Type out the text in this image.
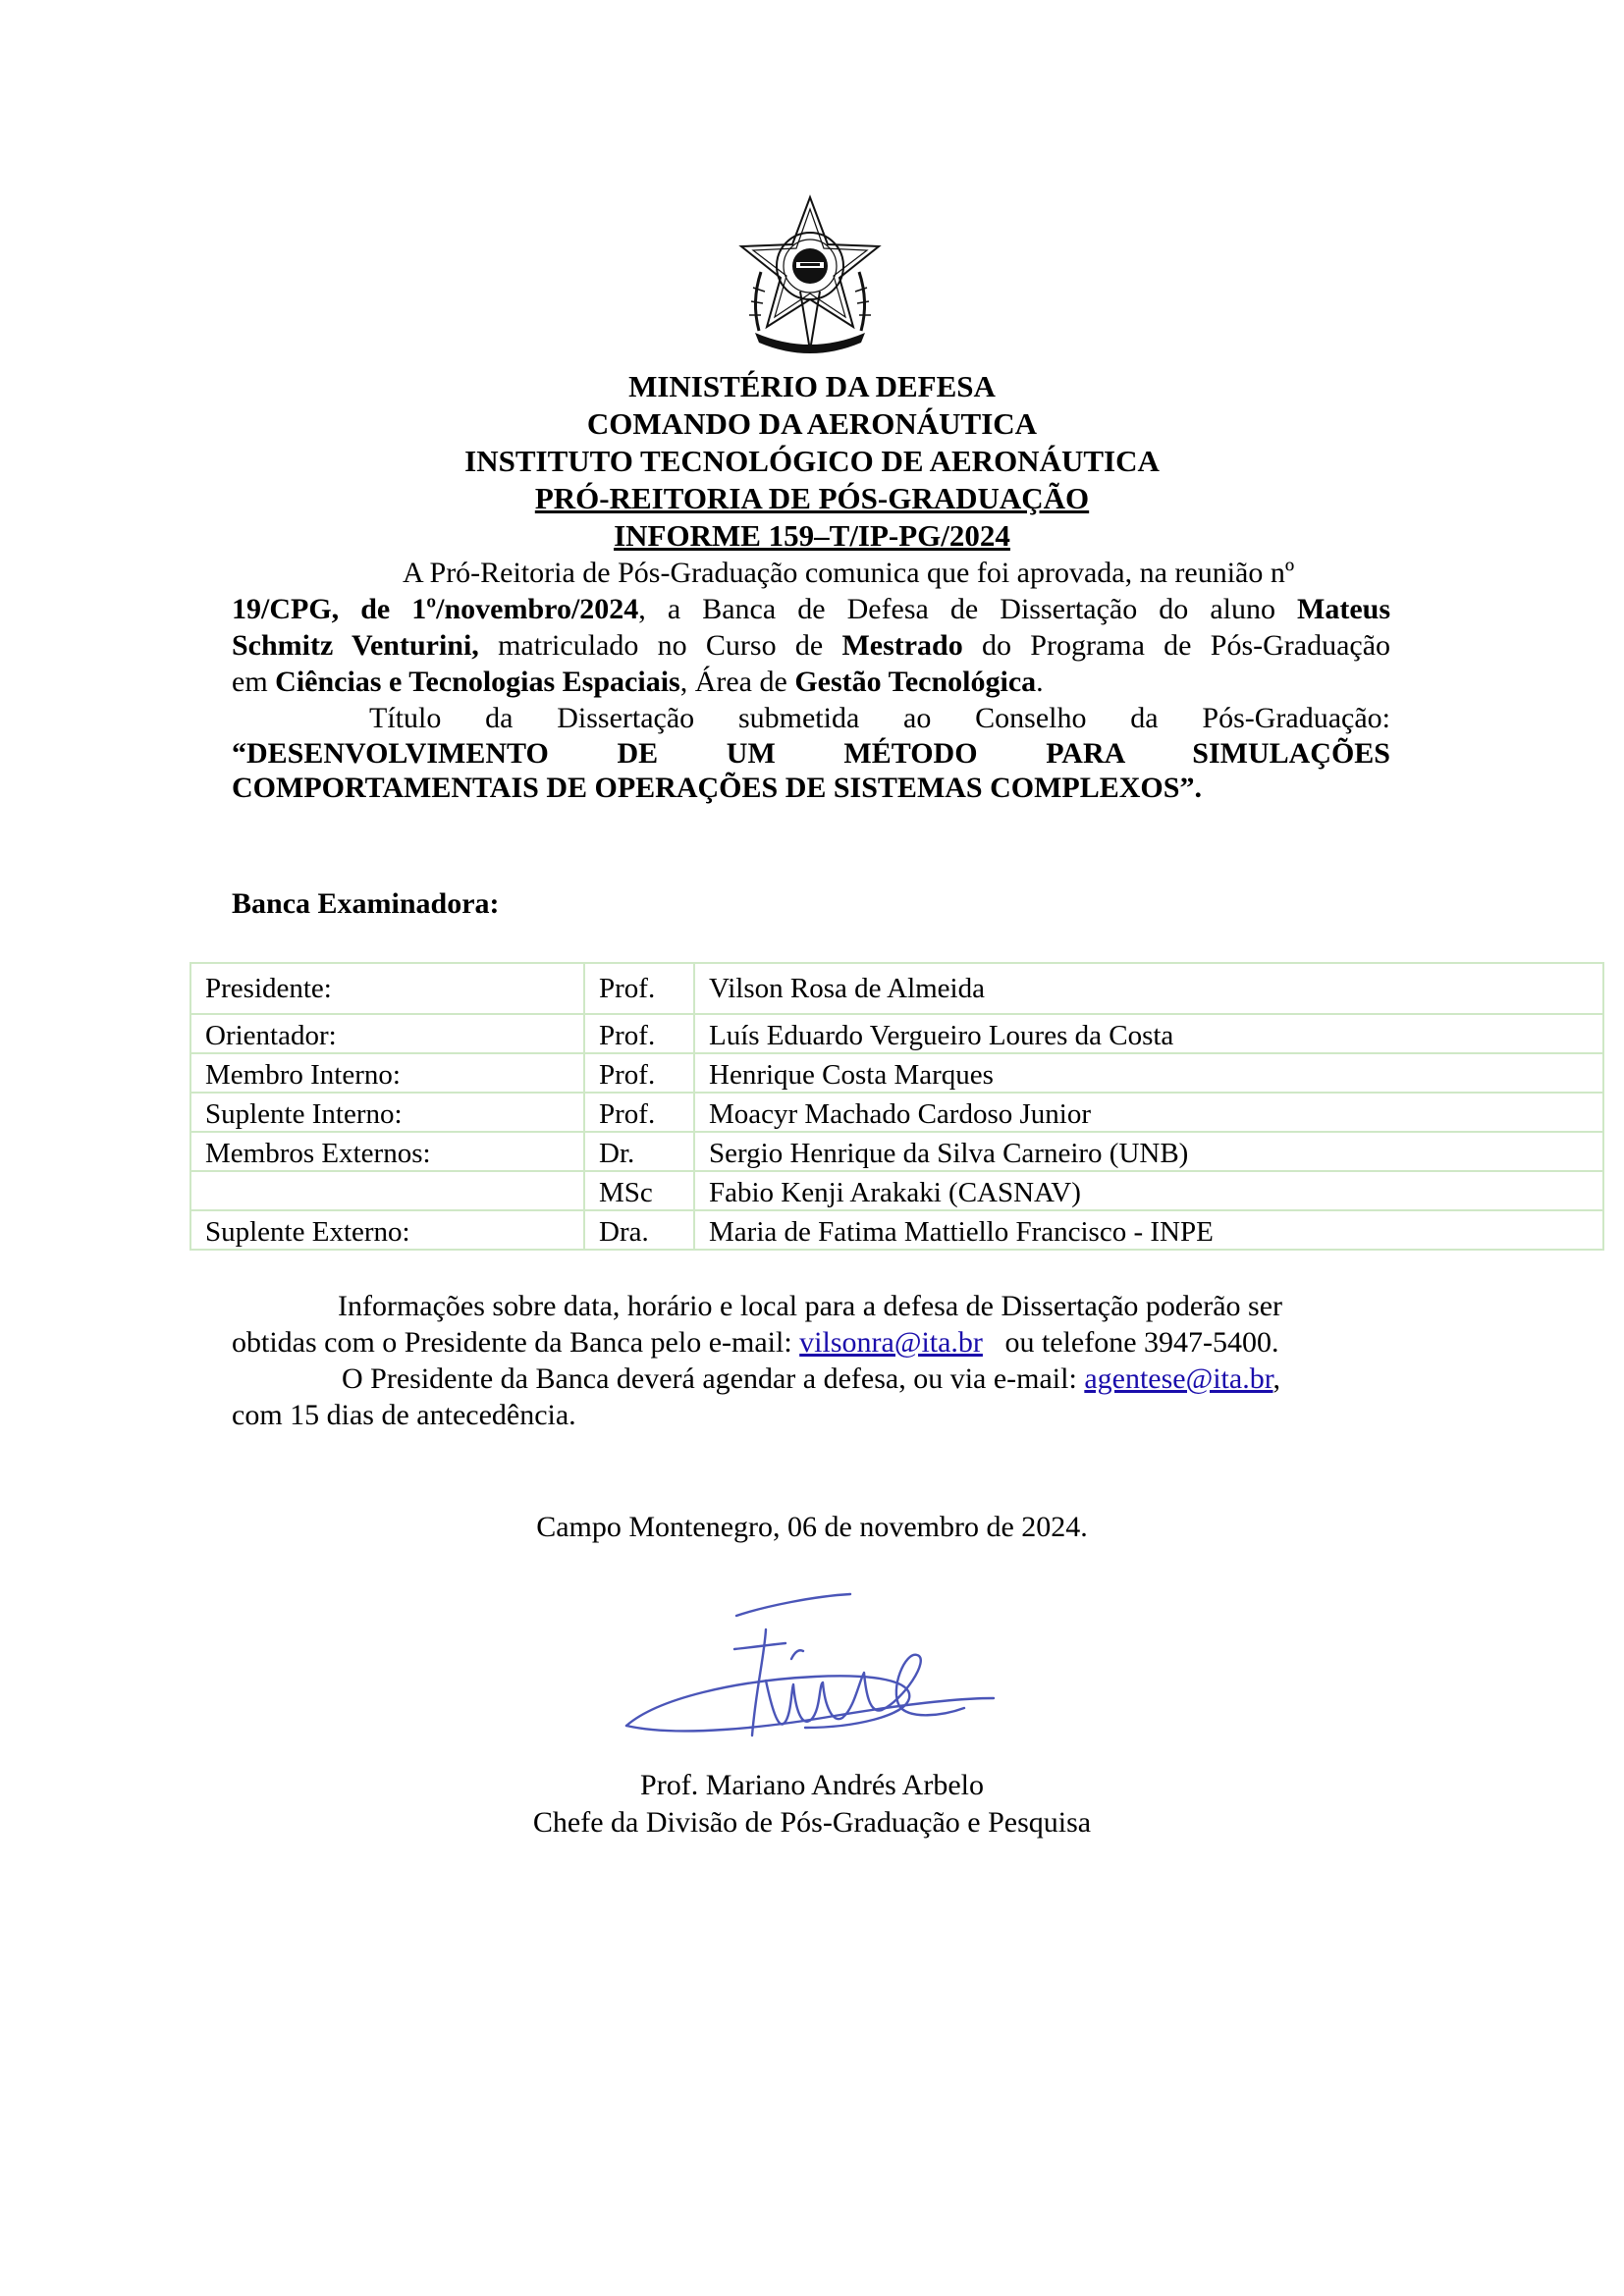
MINISTÉRIO DA DEFESA
COMANDO DA AERONÁUTICA
INSTITUTO TECNOLÓGICO DE AERONÁUTICA
PRÓ-REITORIA DE PÓS-GRADUAÇÃO
INFORME 159–T/IP-PG/2024
A Pró-Reitoria de Pós-Graduação comunica que foi aprovada, na reunião nº
19/CPG, de 1º/novembro/2024, a Banca de Defesa de Dissertação do aluno Mateus
Schmitz Venturini, matriculado no Curso de Mestrado do Programa de Pós-Graduação
em Ciências e Tecnologias Espaciais, Área de Gestão Tecnológica.
Título da Dissertação submetida ao Conselho da Pós-Graduação:
“DESENVOLVIMENTO DE UM MÉTODO PARA SIMULAÇÕES
COMPORTAMENTAIS DE OPERAÇÕES DE SISTEMAS COMPLEXOS”.
Banca Examinadora:
Presidente:	Prof.	Vilson Rosa de Almeida
Orientador:	Prof.	Luís Eduardo Vergueiro Loures da Costa
Membro Interno:	Prof.	Henrique Costa Marques
Suplente Interno:	Prof.	Moacyr Machado Cardoso Junior
Membros Externos:	Dr.	Sergio Henrique da Silva Carneiro (UNB)
	MSc	Fabio Kenji Arakaki (CASNAV)
Suplente Externo:	Dra.	Maria de Fatima Mattiello Francisco - INPE
Informações sobre data, horário e local para a defesa de Dissertação poderão ser
obtidas com o Presidente da Banca pelo e-mail: vilsonra@ita.br ou telefone 3947-5400.
O Presidente da Banca deverá agendar a defesa, ou via e-mail: agentese@ita.br,
com 15 dias de antecedência.
Campo Montenegro, 06 de novembro de 2024.
Prof. Mariano Andrés Arbelo
Chefe da Divisão de Pós-Graduação e Pesquisa
